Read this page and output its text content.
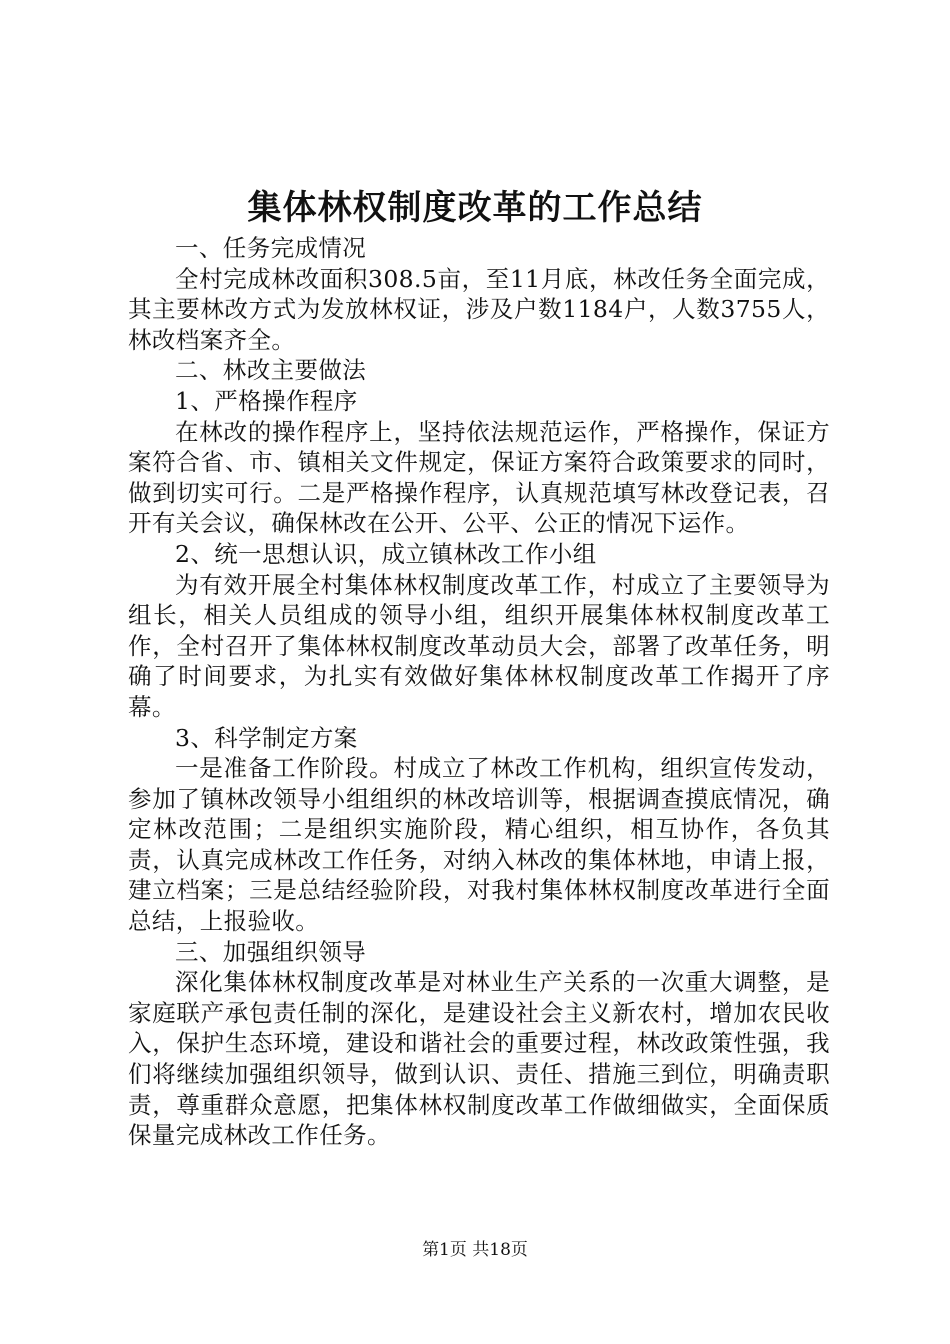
集体林权制度改革的工作总结

一、任务完成情况

全村完成林改面积308.5亩，至11月底，林改任务全面完成，其主要林改方式为发放林权证，涉及户数1184户，人数3755人，林改档案齐全。

二、林改主要做法

1、严格操作程序

在林改的操作程序上，坚持依法规范运作，严格操作，保证方案符合省、市、镇相关文件规定，保证方案符合政策要求的同时，做到切实可行。二是严格操作程序，认真规范填写林改登记表，召开有关会议，确保林改在公开、公平、公正的情况下运作。

2、统一思想认识，成立镇林改工作小组

为有效开展全村集体林权制度改革工作，村成立了主要领导为组长，相关人员组成的领导小组，组织开展集体林权制度改革工作，全村召开了集体林权制度改革动员大会，部署了改革任务，明确了时间要求，为扎实有效做好集体林权制度改革工作揭开了序幕。

3、科学制定方案

一是准备工作阶段。村成立了林改工作机构，组织宣传发动，参加了镇林改领导小组组织的林改培训等，根据调查摸底情况，确定林改范围；二是组织实施阶段，精心组织，相互协作，各负其责，认真完成林改工作任务，对纳入林改的集体林地，申请上报，建立档案；三是总结经验阶段，对我村集体林权制度改革进行全面总结，上报验收。

三、加强组织领导

深化集体林权制度改革是对林业生产关系的一次重大调整，是家庭联产承包责任制的深化，是建设社会主义新农村，增加农民收入，保护生态环境，建设和谐社会的重要过程，林改政策性强，我们将继续加强组织领导，做到认识、责任、措施三到位，明确责职责，尊重群众意愿，把集体林权制度改革工作做细做实，全面保质保量完成林改工作任务。

第1页 共18页
